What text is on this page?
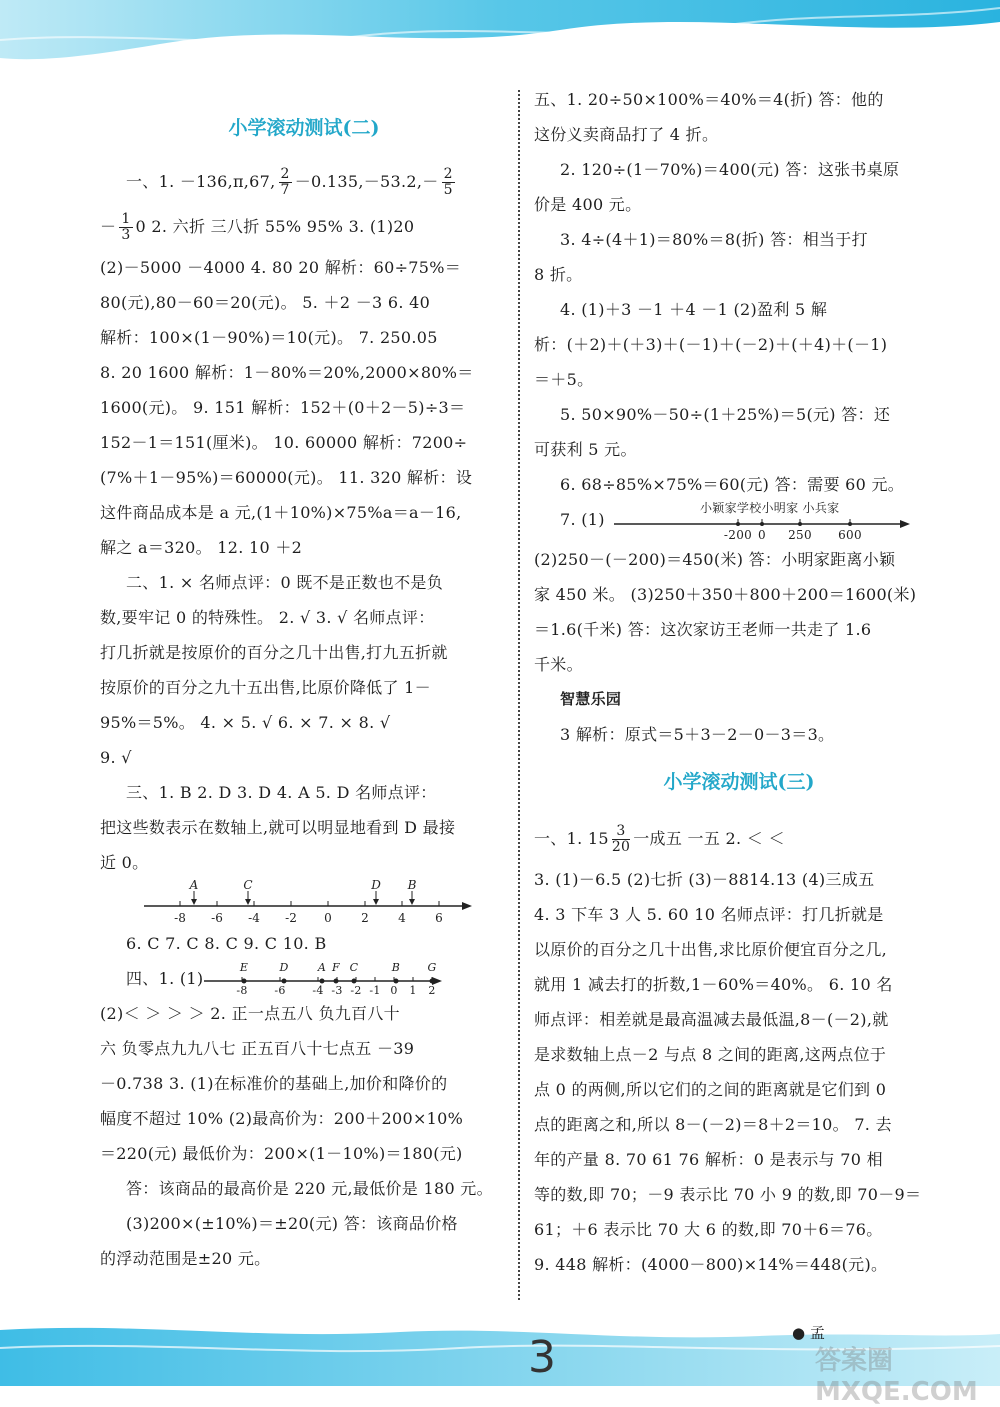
小学滚动测试(二)
一、1. －136,π,67, $\frac{2}{7} -0.135,-53.2,- \frac{2}{5}$
－ $\frac{1}{3} 0$ 2. 六折 三八折 55% 95% 3. (1)20
(2)－5000 －4000 4. 80 20 解析：60÷75%＝
80(元),80－60＝20(元)。 5. ＋2 －3 6. 40
解析：100×(1－90%)＝10(元)。 7. 250.05
8. 20 1600 解析：1－80%＝20%,2000×80%＝
1600(元)。 9. 151 解析：152＋(0＋2－5)÷3＝
152－1＝151(厘米)。 10. 60000 解析：7200÷
(7%＋1－95%)＝60000(元)。 11. 320 解析：设
这件商品成本是 a 元,(1＋10%)×75%a＝a－16,
解之 a＝320。 12. 10 ＋2
二、1. × 名师点评：0 既不是正数也不是负
数,要牢记 0 的特殊性。 2. √ 3. √ 名师点评：
打几折就是按原价的百分之几十出售,打九五折就
按原价的百分之九十五出售,比原价降低了 1－
95%＝5%。 4. × 5. √ 6. × 7. × 8. √
9. √
三、1. B 2. D 3. D 4. A 5. D 名师点评：
把这些数表示在数轴上,就可以明显地看到 D 最接
近 0。
-8 -6 -4 -2 0 2 4 6
A	C	D B
6. C 7. C 8. C 9. C 10. B
四、1. (1)
-8 -6 -4 -3 -2 -1 0 1 2
E	D	A F C	B G
(2)＜ ＞ ＞ ＞ 2. 正一点五八 负九百八十
六 负零点九九八七 正五百八十七点五 －39
－0.738 3. (1)在标准价的基础上,加价和降价的
幅度不超过 10% (2)最高价为：200＋200×10%
＝220(元) 最低价为：200×(1－10%)＝180(元)
答：该商品的最高价是 220 元,最低价是 180 元。
(3)200×(±10%)＝±20(元) 答：该商品价格
的浮动范围是±20 元。
五、1. 20÷50×100%＝40%＝4(折) 答：他的
这份义卖商品打了 4 折。
2. 120÷(1－70%)＝400(元) 答：这张书桌原
价是 400 元。
3. 4÷(4＋1)＝80%＝8(折) 答：相当于打
8 折。
4. (1)＋3 －1 ＋4 －1 (2)盈利 5 解
析：(＋2)＋(＋3)＋(－1)＋(－2)＋(＋4)＋(－1)
＝＋5。
5. 50×90%－50÷(1＋25%)＝5(元) 答：还
可获利 5 元。
6. 68÷85%×75%＝60(元) 答：需要 60 元。
7. (1)
小颖家学校小明家 小兵家
-200 0 250 600
(2)250－(－200)＝450(米) 答：小明家距离小颖
家 450 米。 (3)250＋350＋800＋200＝1600(米)
＝1.6(千米) 答：这次家访王老师一共走了 1.6
千米。
智慧乐园
3 解析：原式＝5＋3－2－0－3＝3。
小学滚动测试(三)
一、1. $15 \frac{3}{20}$ 一成五 一五 2. ＜ ＜
3. (1)－6.5 (2)七折 (3)－8814.13 (4)三成五
4. 3 下车 3 人 5. 60 10 名师点评：打几折就是
以原价的百分之几十出售,求比原价便宜百分之几,
就用 1 减去打的折数,1－60%＝40%。 6. 10 名
师点评：相差就是最高温减去最低温,8－(－2),就
是求数轴上点－2 与点 8 之间的距离,这两点位于
点 0 的两侧,所以它们的之间的距离就是它们到 0
点的距离之和,所以 8－(－2)＝8＋2＝10。 7. 去
年的产量 8. 70 61 76 解析：0 是表示与 70 相
等的数,即 70；－9 表示比 70 小 9 的数,即 70－9＝
61；＋6 表示比 70 大 6 的数,即 70＋6＝76。
9. 448 解析：(4000－800)×14%＝448(元)。
3	● 孟
答案圈 MXQE.COM
